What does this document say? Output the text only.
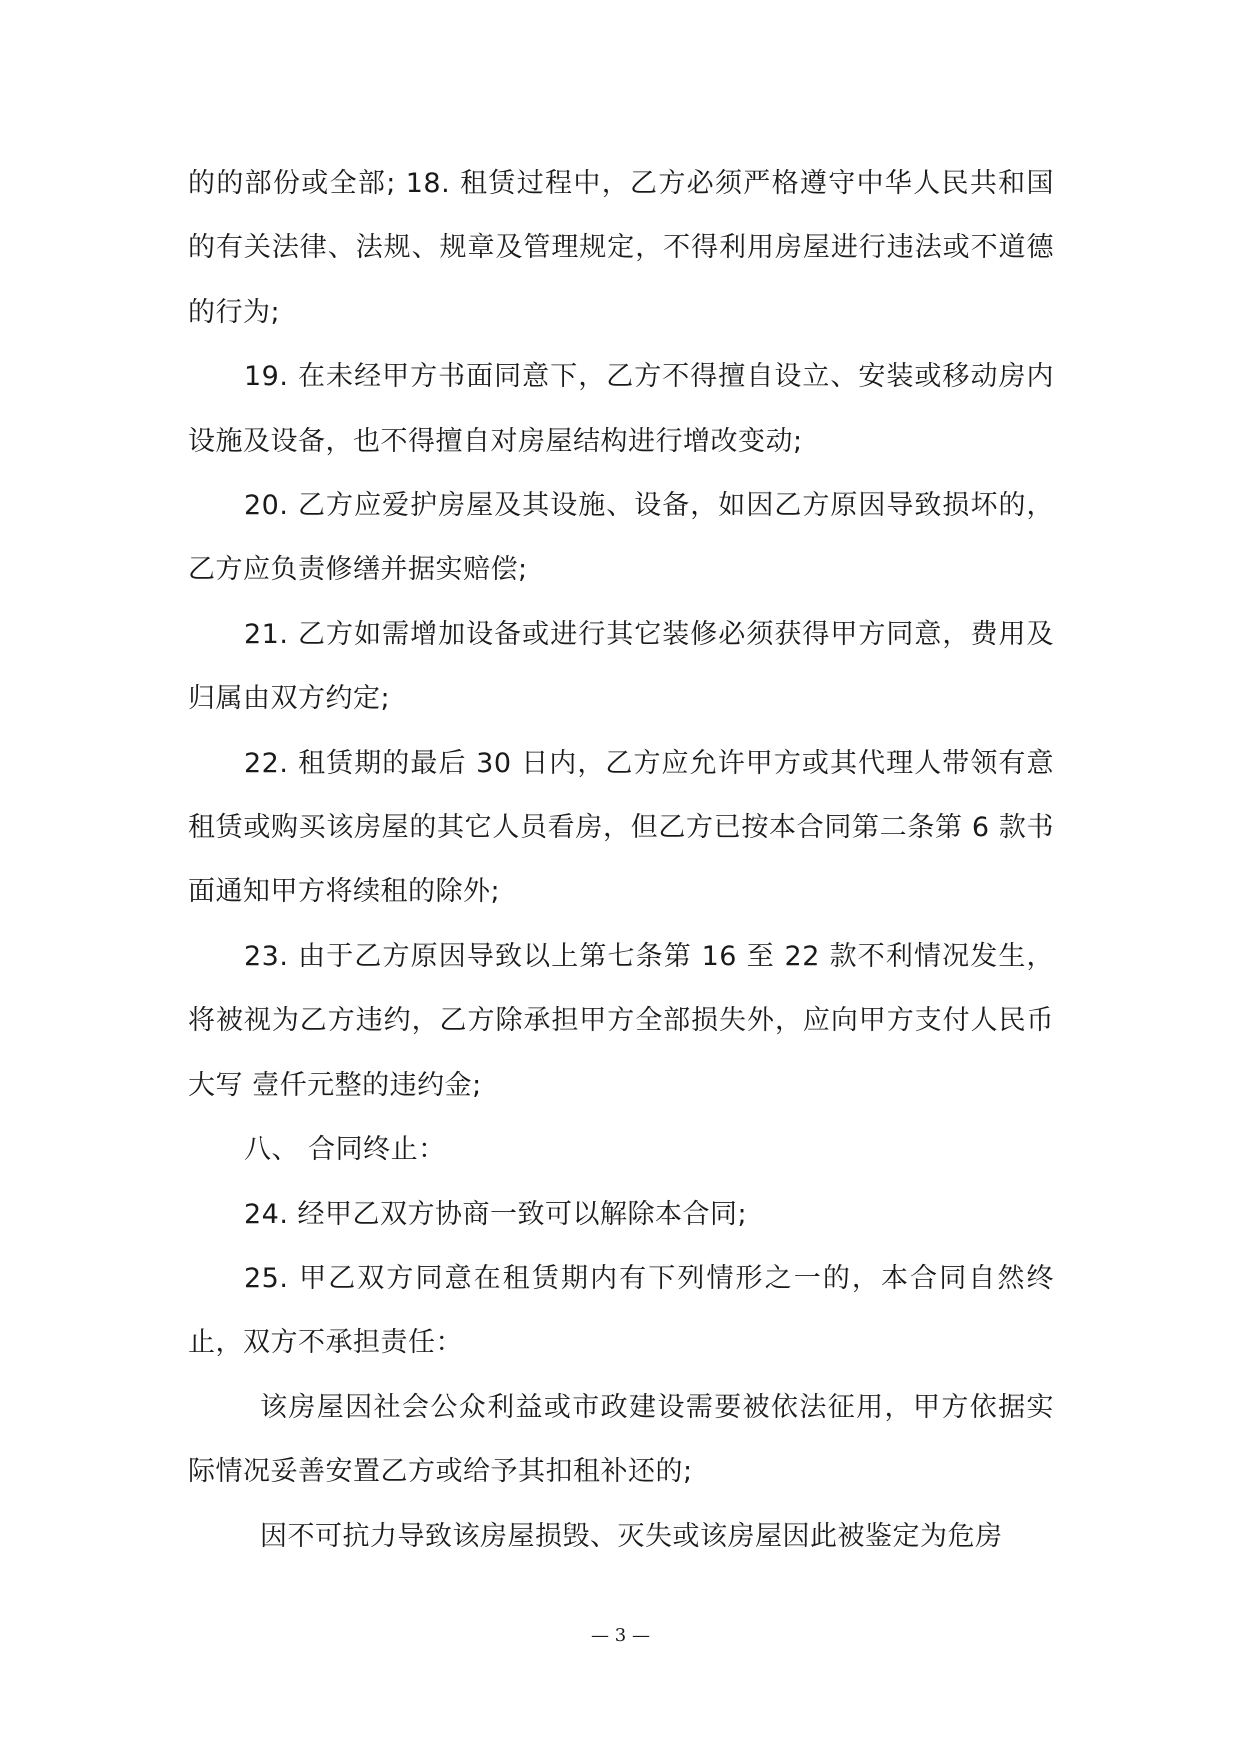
的的部份或全部; 18. 租赁过程中，乙方必须严格遵守中华人民共和国的有关法律、法规、规章及管理规定，不得利用房屋进行违法或不道德的行为;

19. 在未经甲方书面同意下，乙方不得擅自设立、安装或移动房内设施及设备，也不得擅自对房屋结构进行增改变动;

20. 乙方应爱护房屋及其设施、设备，如因乙方原因导致损坏的，乙方应负责修缮并据实赔偿;

21. 乙方如需增加设备或进行其它装修必须获得甲方同意，费用及归属由双方约定;

22. 租赁期的最后 30 日内，乙方应允许甲方或其代理人带领有意租赁或购买该房屋的其它人员看房，但乙方已按本合同第二条第 6 款书面通知甲方将续租的除外;

23. 由于乙方原因导致以上第七条第 16 至 22 款不利情况发生，将被视为乙方违约，乙方除承担甲方全部损失外，应向甲方支付人民币大写 壹仟元整的违约金;

八、 合同终止：

24. 经甲乙双方协商一致可以解除本合同;

25. 甲乙双方同意在租赁期内有下列情形之一的，本合同自然终止，双方不承担责任：

该房屋因社会公众利益或市政建设需要被依法征用，甲方依据实际情况妥善安置乙方或给予其扣租补还的;

因不可抗力导致该房屋损毁、灭失或该房屋因此被鉴定为危房

— 3 —
